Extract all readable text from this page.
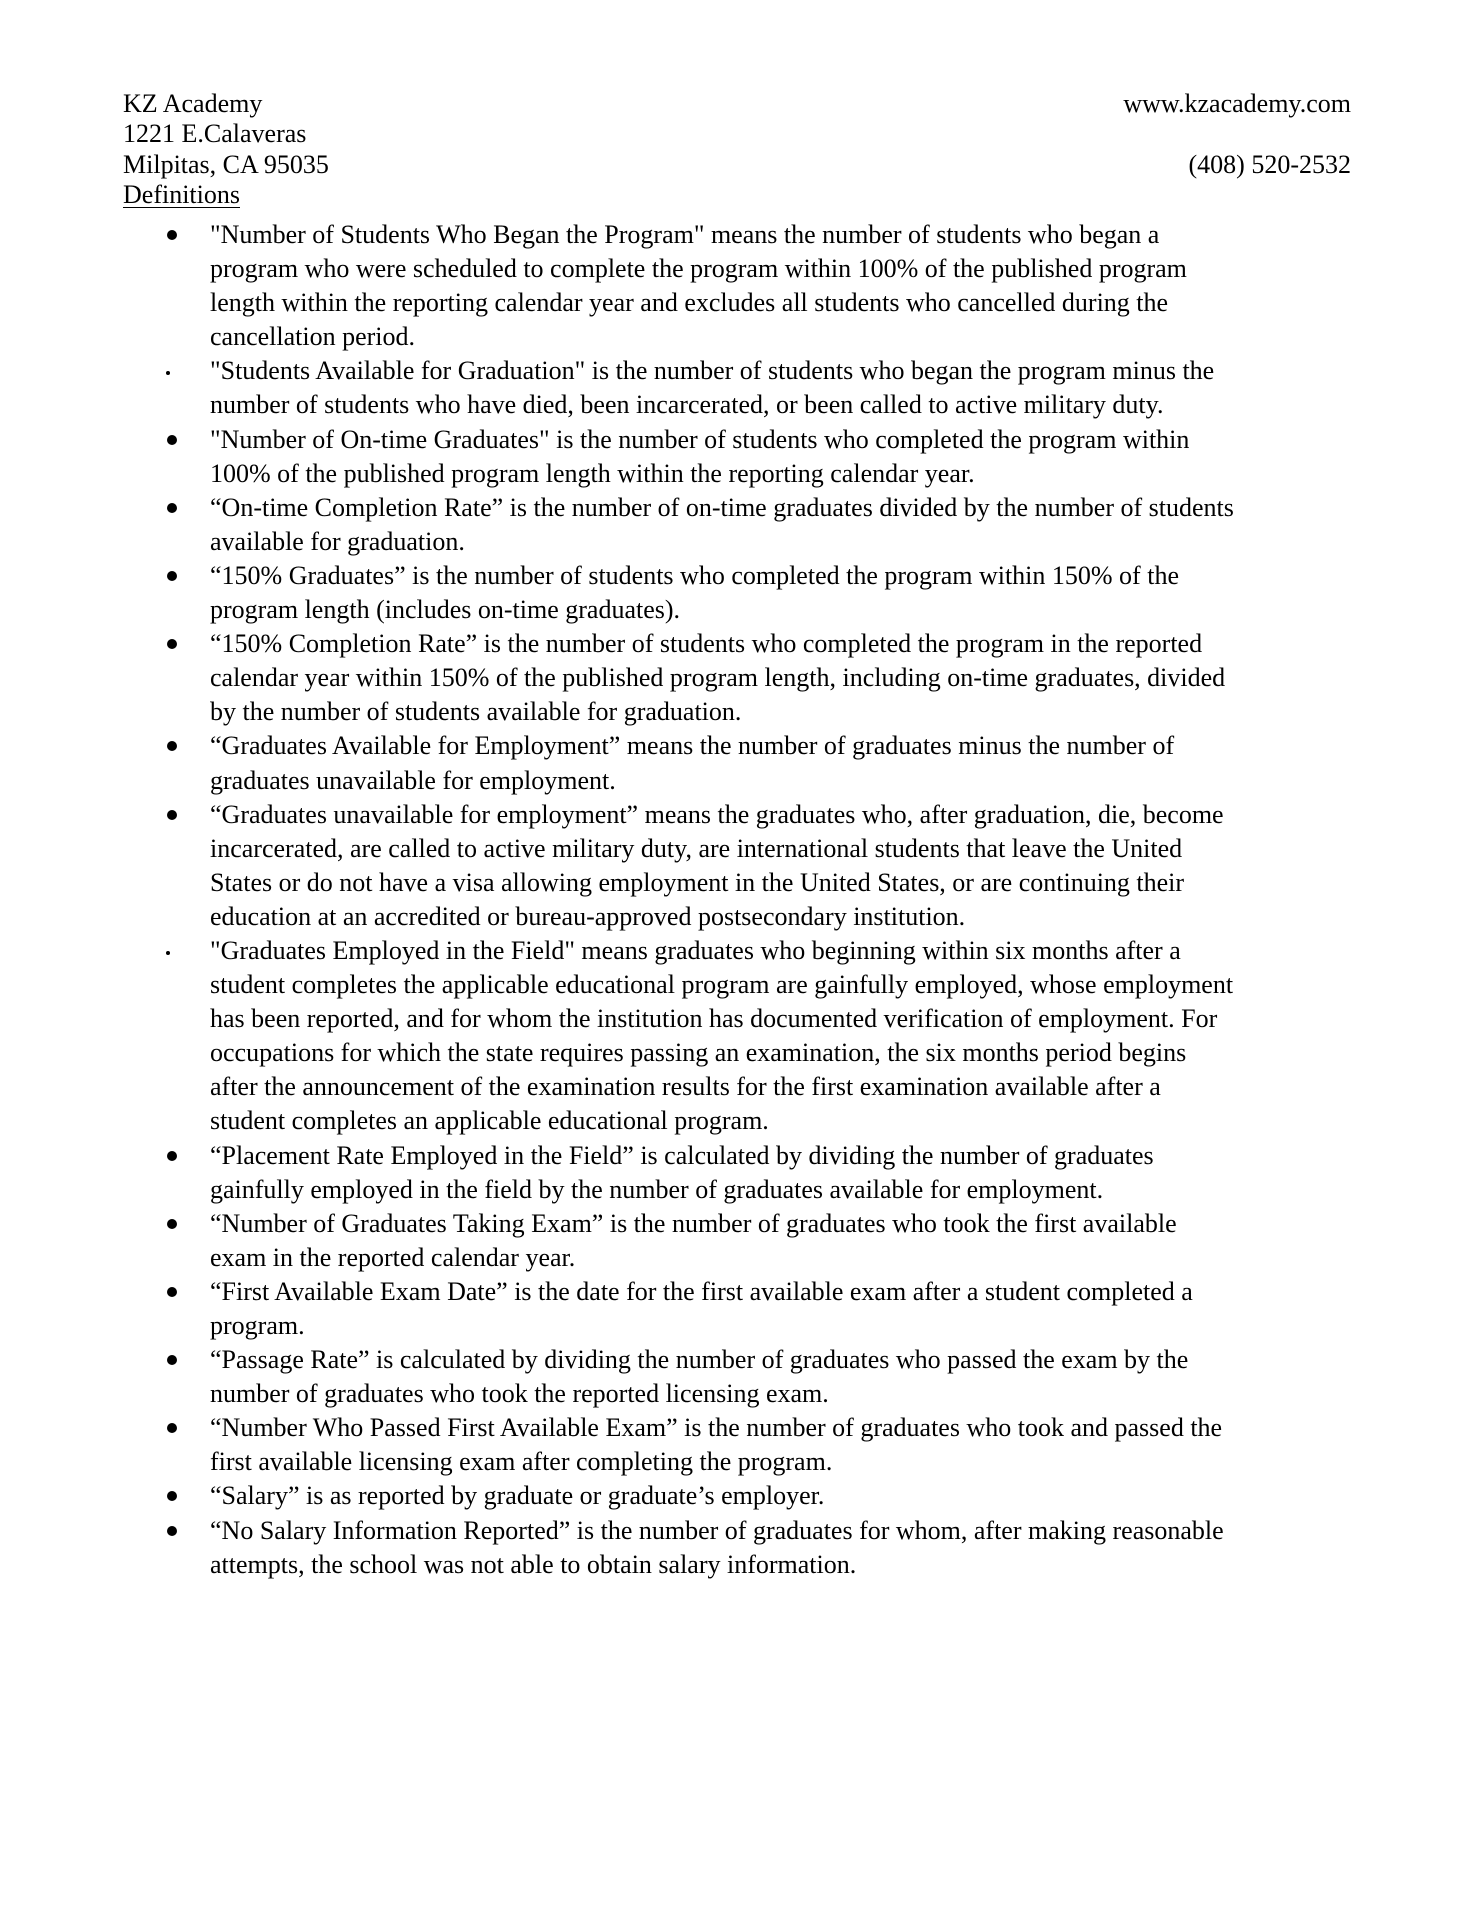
KZ Academy	www.kzacademy.com
1221 E.Calaveras
Milpitas, CA 95035	(408) 520-2532
Definitions
"Number of Students Who Began the Program" means the number of students who began a
program who were scheduled to complete the program within 100% of the published program
length within the reporting calendar year and excludes all students who cancelled during the
cancellation period.
"Students Available for Graduation" is the number of students who began the program minus the
number of students who have died, been incarcerated, or been called to active military duty.
"Number of On-time Graduates" is the number of students who completed the program within
100% of the published program length within the reporting calendar year.
“On-time Completion Rate” is the number of on-time graduates divided by the number of students
available for graduation.
“150% Graduates” is the number of students who completed the program within 150% of the
program length (includes on-time graduates).
“150% Completion Rate” is the number of students who completed the program in the reported
calendar year within 150% of the published program length, including on-time graduates, divided
by the number of students available for graduation.
“Graduates Available for Employment” means the number of graduates minus the number of
graduates unavailable for employment.
“Graduates unavailable for employment” means the graduates who, after graduation, die, become
incarcerated, are called to active military duty, are international students that leave the United
States or do not have a visa allowing employment in the United States, or are continuing their
education at an accredited or bureau-approved postsecondary institution.
"Graduates Employed in the Field" means graduates who beginning within six months after a
student completes the applicable educational program are gainfully employed, whose employment
has been reported, and for whom the institution has documented verification of employment. For
occupations for which the state requires passing an examination, the six months period begins
after the announcement of the examination results for the first examination available after a
student completes an applicable educational program.
“Placement Rate Employed in the Field” is calculated by dividing the number of graduates
gainfully employed in the field by the number of graduates available for employment.
“Number of Graduates Taking Exam” is the number of graduates who took the first available
exam in the reported calendar year.
“First Available Exam Date” is the date for the first available exam after a student completed a
program.
“Passage Rate” is calculated by dividing the number of graduates who passed the exam by the
number of graduates who took the reported licensing exam.
“Number Who Passed First Available Exam” is the number of graduates who took and passed the
first available licensing exam after completing the program.
“Salary” is as reported by graduate or graduate’s employer.
“No Salary Information Reported” is the number of graduates for whom, after making reasonable
attempts, the school was not able to obtain salary information.
